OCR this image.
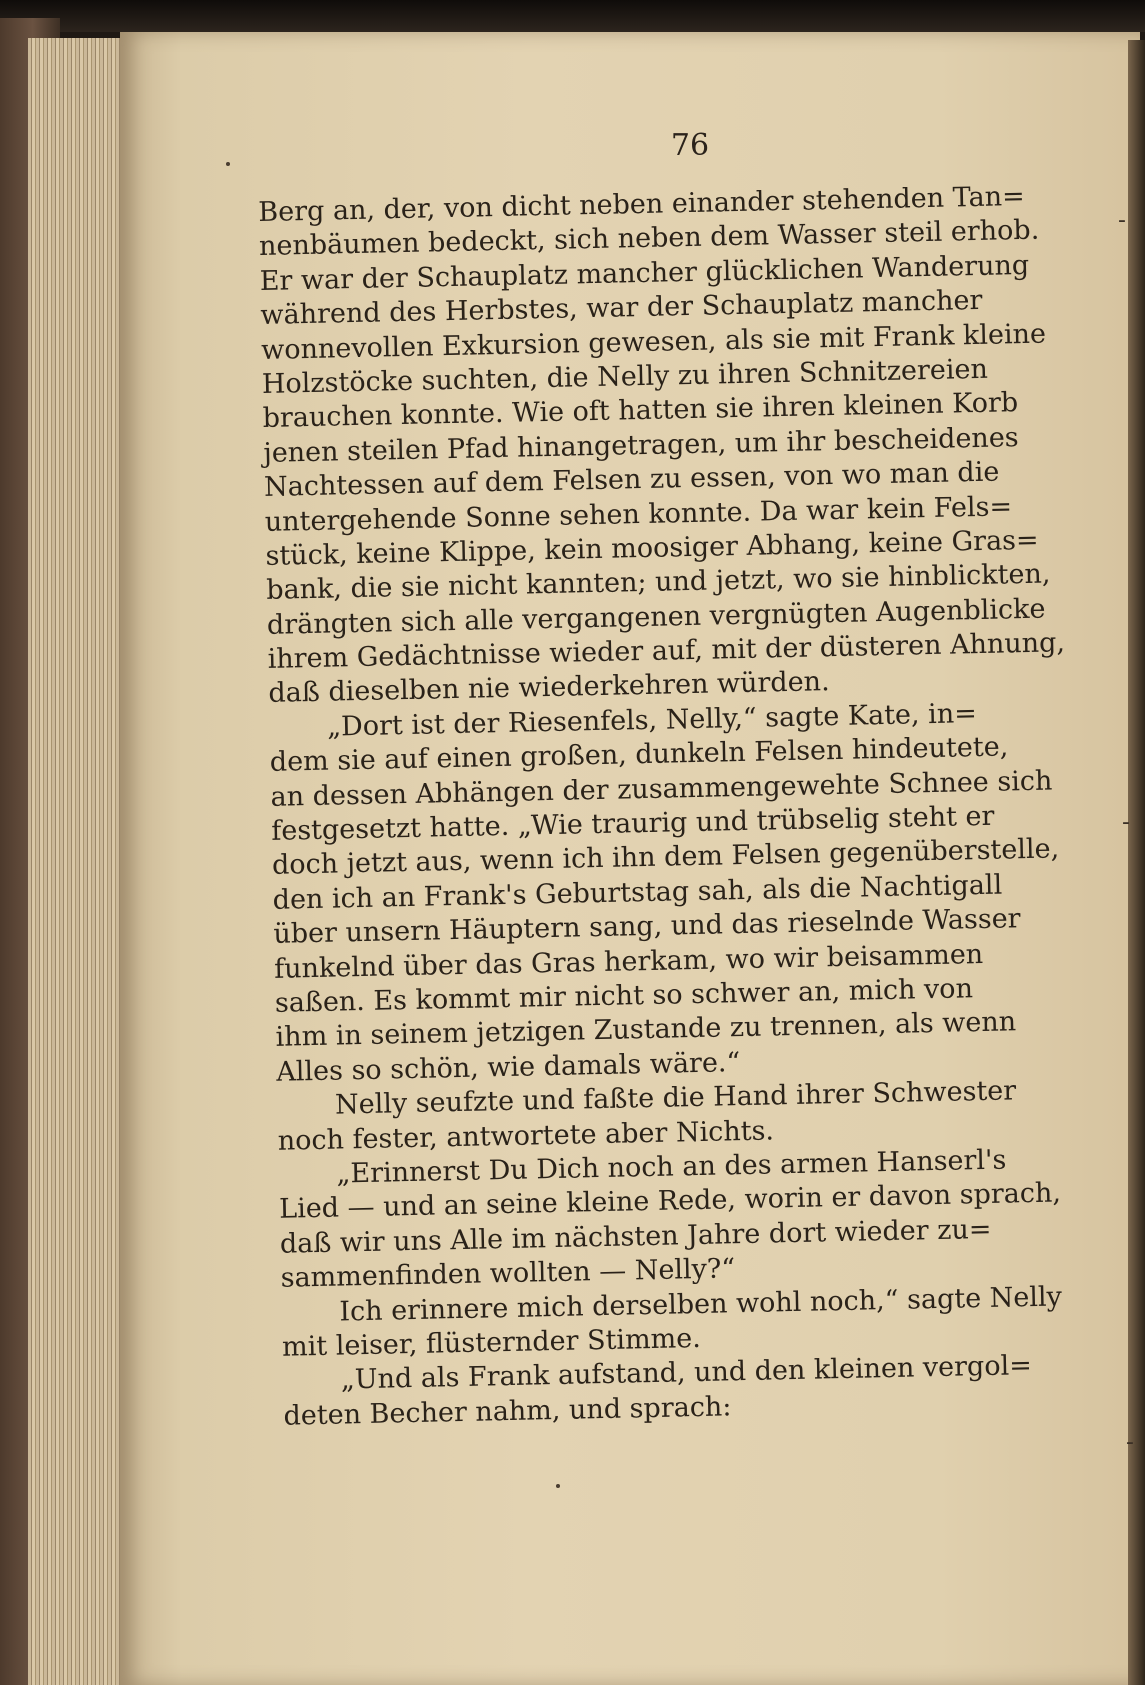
76
-
-
-
Berg an, der, von dicht neben einander stehenden Tan=
nenbäumen bedeckt, sich neben dem Wasser steil erhob.
Er war der Schauplatz mancher glücklichen Wanderung
während des Herbstes, war der Schauplatz mancher
wonnevollen Exkursion gewesen, als sie mit Frank kleine
Holzstöcke suchten, die Nelly zu ihren Schnitzereien
brauchen konnte. Wie oft hatten sie ihren kleinen Korb
jenen steilen Pfad hinangetragen, um ihr bescheidenes
Nachtessen auf dem Felsen zu essen, von wo man die
untergehende Sonne sehen konnte. Da war kein Fels=
stück, keine Klippe, kein moosiger Abhang, keine Gras=
bank, die sie nicht kannten; und jetzt, wo sie hinblickten,
drängten sich alle vergangenen vergnügten Augenblicke
ihrem Gedächtnisse wieder auf, mit der düsteren Ahnung,
daß dieselben nie wiederkehren würden.
„Dort ist der Riesenfels, Nelly,“ sagte Kate, in=
dem sie auf einen großen, dunkeln Felsen hindeutete,
an dessen Abhängen der zusammengewehte Schnee sich
festgesetzt hatte. „Wie traurig und trübselig steht er
doch jetzt aus, wenn ich ihn dem Felsen gegenüberstelle,
den ich an Frank's Geburtstag sah, als die Nachtigall
über unsern Häuptern sang, und das rieselnde Wasser
funkelnd über das Gras herkam, wo wir beisammen
saßen. Es kommt mir nicht so schwer an, mich von
ihm in seinem jetzigen Zustande zu trennen, als wenn
Alles so schön, wie damals wäre.“
Nelly seufzte und faßte die Hand ihrer Schwester
noch fester, antwortete aber Nichts.
„Erinnerst Du Dich noch an des armen Hanserl's
Lied — und an seine kleine Rede, worin er davon sprach,
daß wir uns Alle im nächsten Jahre dort wieder zu=
sammenfinden wollten — Nelly?“
Ich erinnere mich derselben wohl noch,“ sagte Nelly
mit leiser, flüsternder Stimme.
„Und als Frank aufstand, und den kleinen vergol=
deten Becher nahm, und sprach:
